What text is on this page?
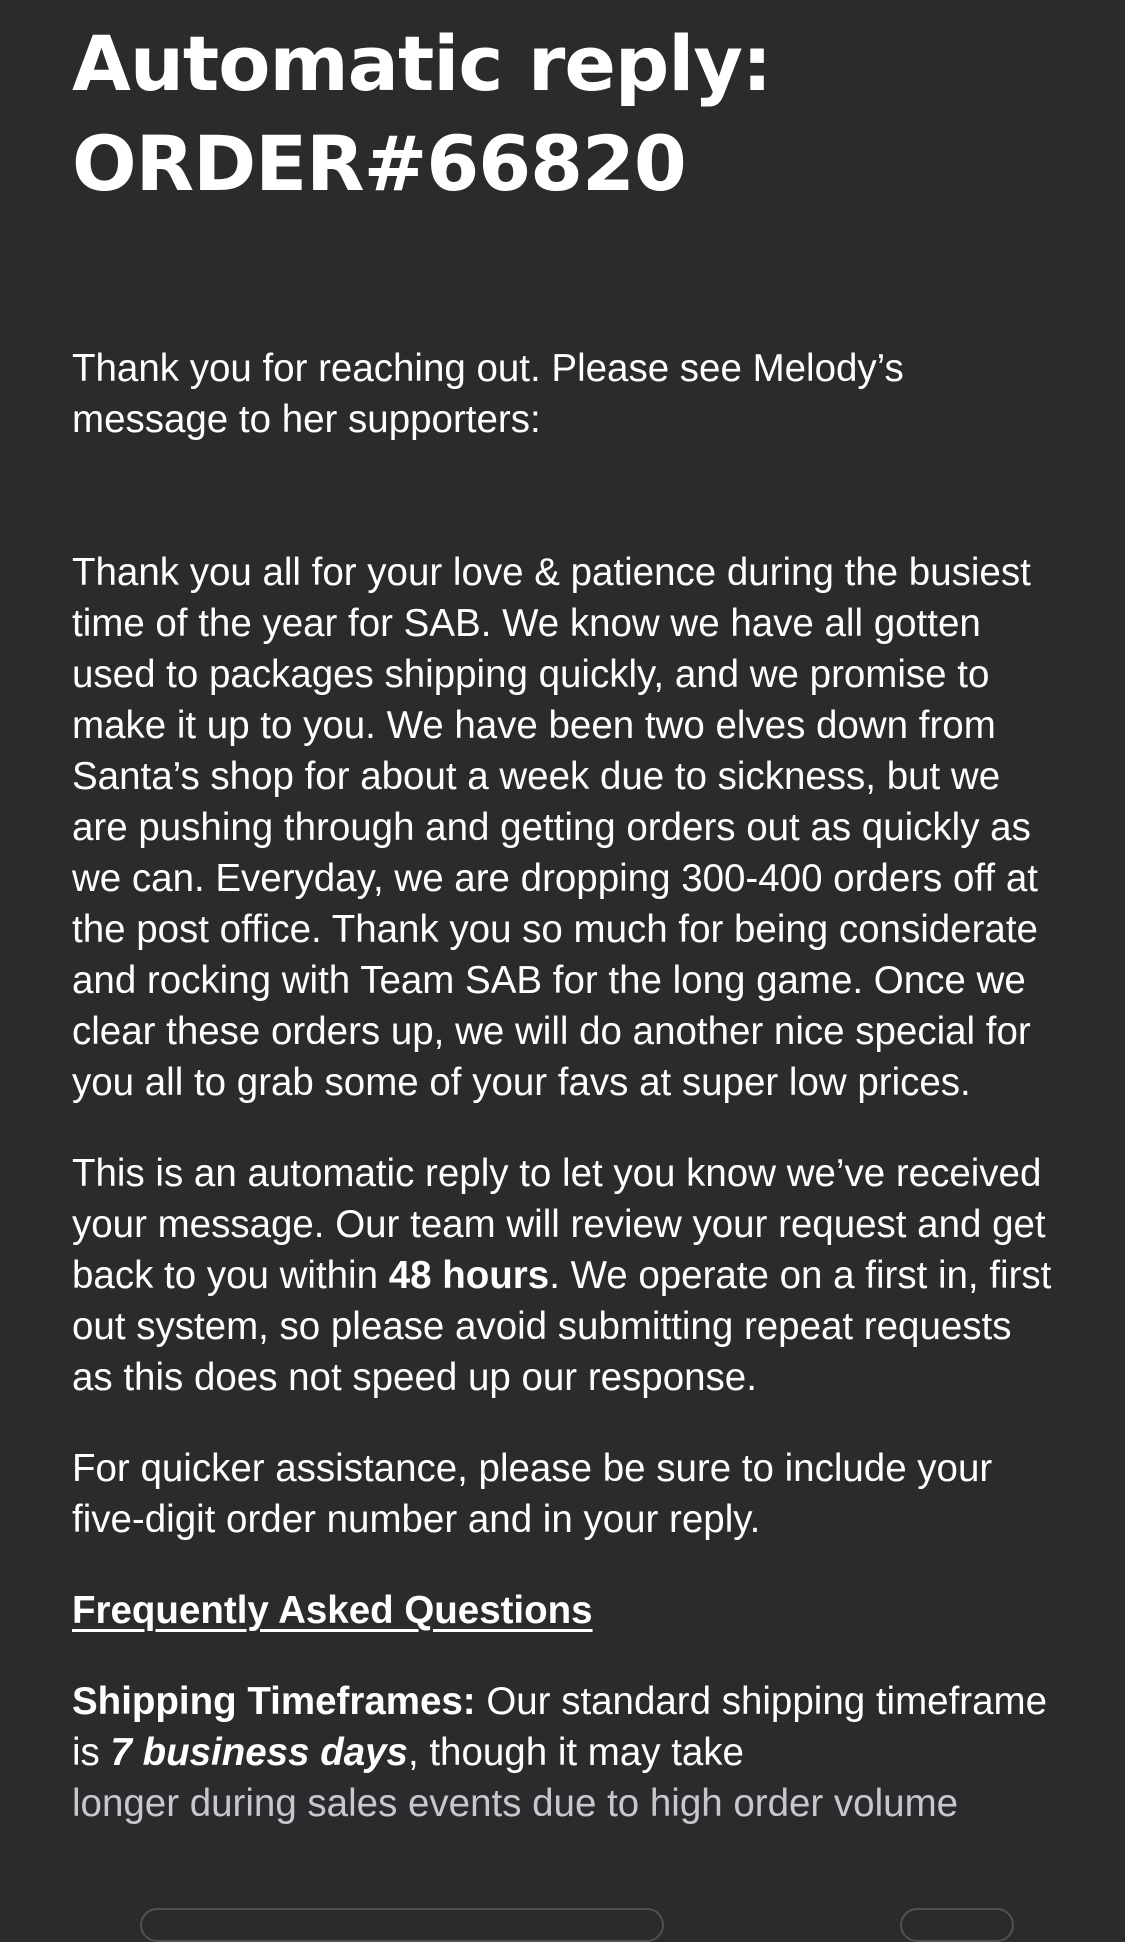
Automatic reply:
ORDER#66820

Thank you for reaching out. Please see Melody’s message to her supporters:

Thank you all for your love & patience during the busiest time of the year for SAB. We know we have all gotten used to packages shipping quickly, and we promise to make it up to you. We have been two elves down from Santa’s shop for about a week due to sickness, but we are pushing through and getting orders out as quickly as we can. Everyday, we are dropping 300-400 orders off at the post office. Thank you so much for being considerate and rocking with Team SAB for the long game. Once we clear these orders up, we will do another nice special for you all to grab some of your favs at super low prices.

This is an automatic reply to let you know we’ve received your message. Our team will review your request and get back to you within 48 hours. We operate on a first in, first out system, so please avoid submitting repeat requests as this does not speed up our response.

For quicker assistance, please be sure to include your five-digit order number and in your reply.

Frequently Asked Questions

Shipping Timeframes: Our standard shipping timeframe is 7 business days, though it may take
longer during sales events due to high order volume
